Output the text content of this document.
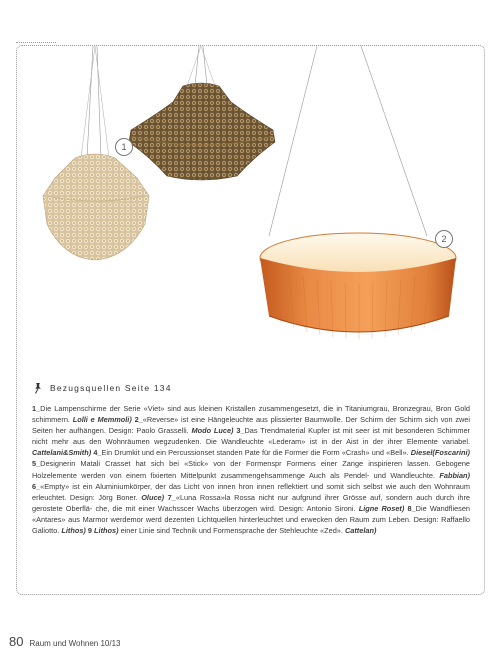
1
2
Bezugsquellen Seite 134
1_Die Lampenschirme der Serie «Viet» sind aus kleinen Kristallen zusammengesetzt, die in Titaniumgrau, Bronzegrau, Bron Gold schimmern. Lolli e Memmoli) 2_«Reverse» ist eine Hängeleuchte aus plissierter Baumwolle. Der Schirm der Schirm sich von zwei Seiten her aufhängen. Design: Paolo Grasselli. Modo Luce) 3_Das Trendmaterial Kupfer ist mit seer ist mit besonderen Schimmer nicht mehr aus den Wohnräumen wegzudenken. Die Wandleuchte «Lederam» ist in der Aist in der ihrer Elemente variabel. Cattelani&Smith) 4_Ein Drumkit und ein Percussionset standen Pate für die Former die Form «Crash» und «Bell». Diesel(Foscarini) 5_Designerin Matali Crasset hat sich bei «Stick» von der Formenspr Formens einer Zange inspirieren lassen. Gebogene Holzelemente werden von einem fixierten Mittelpunkt zusammengehsammenge Auch als Pendel- und Wandleuchte. Fabbian) 6_«Empty» ist ein Aluminiumkörper, der das Licht von innen hron innen reflektiert und somit sich selbst wie auch den Wohnraum erleuchtet. Design: Jörg Boner. Oluce) 7_«Luna Rossa»la Rossa nicht nur aufgrund ihrer Grösse auf, sondern auch durch ihre gerostete Oberflä- che, die mit einer Wachsscer Wachs überzogen wird. Design: Antonio Sironi. Ligne Roset) 8_Die Wandfliesen «Antares» aus Marmor werdemor werd dezenten Lichtquellen hinterleuchtet und erwecken den Raum zum Leben. Design: Raffaello Galiotto. Lithos) 9 Lithos) einer Linie sind Technik und Formensprache der Stehleuchte «Zed». Cattelan)
80 Raum und Wohnen 10/13
